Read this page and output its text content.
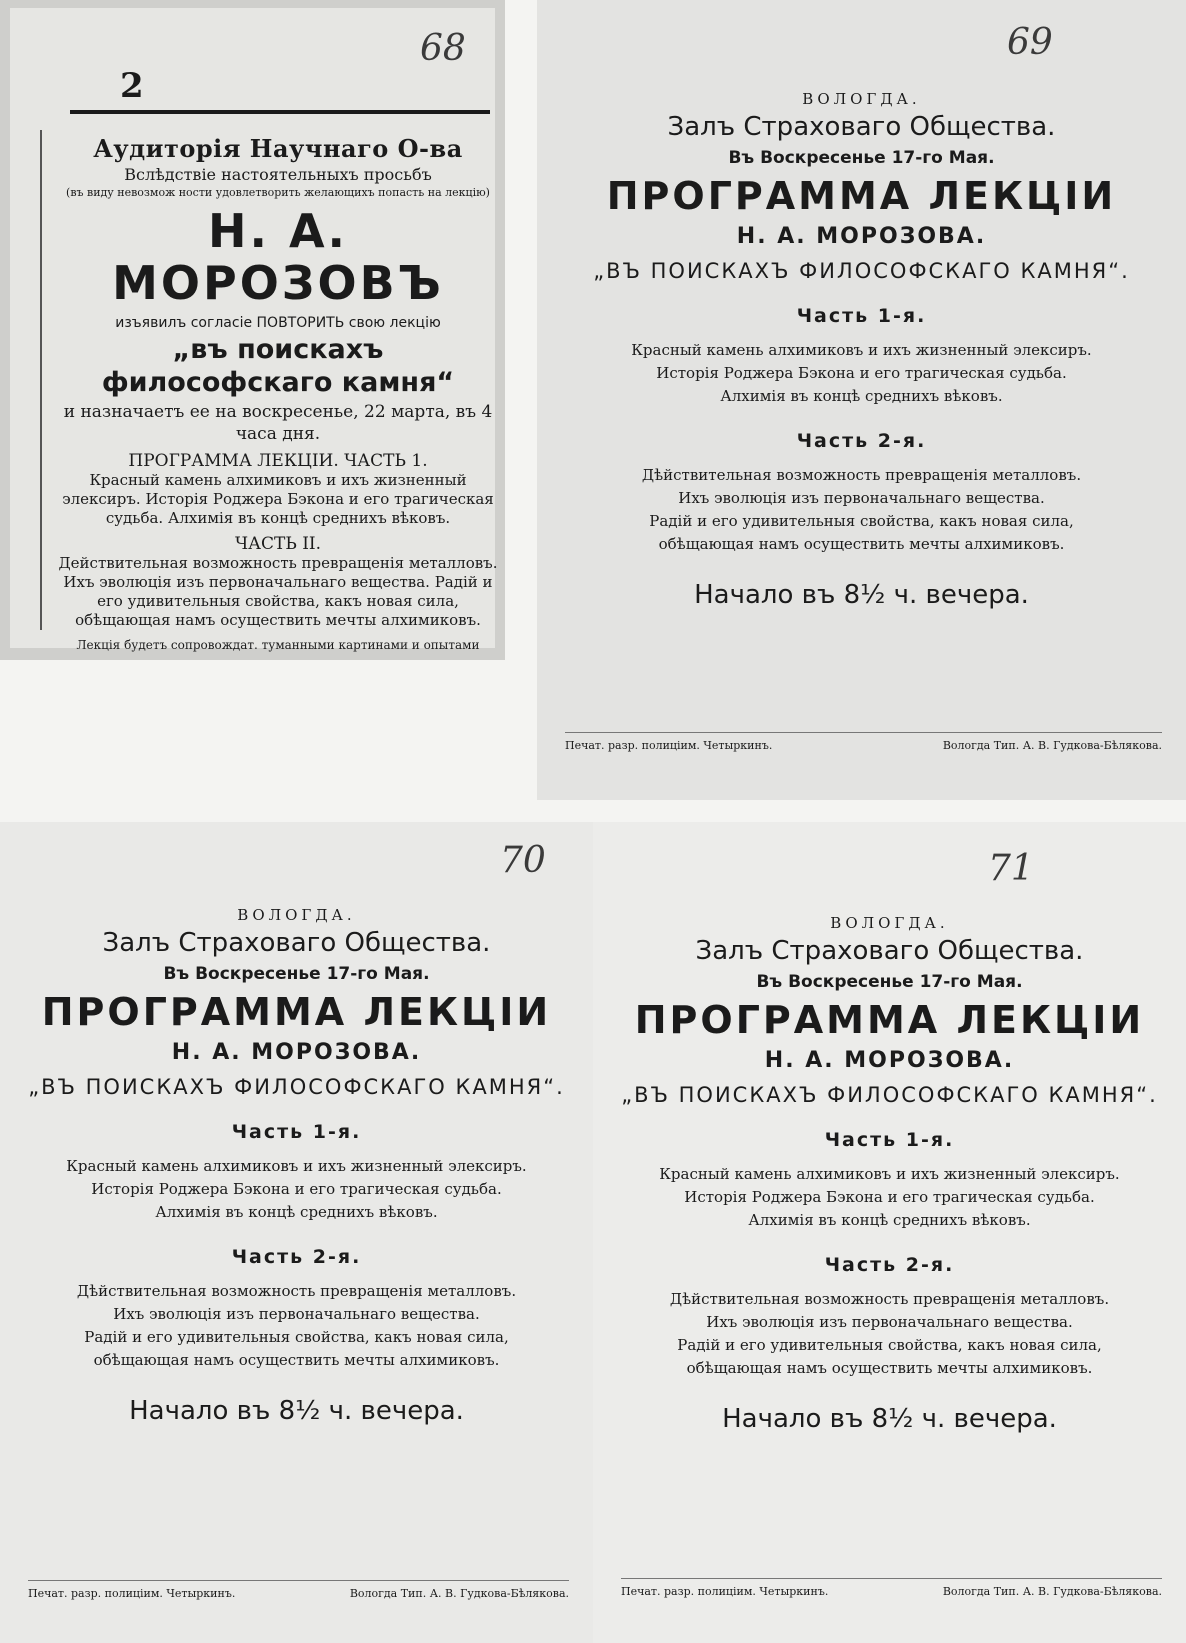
68
2
Аудиторія Научнаго О-ва
Вслѣдствіе настоятельныхъ просьбъ
(въ виду невозмож ности удовлетворить желающихъ попасть на лекцію)
Н. А. МОРОЗОВЪ
изъявилъ согласіе ПОВТОРИТЬ свою лекцію
„въ поискахъ философскаго камня“
и назначаетъ ее на воскресенье, 22 марта, въ 4 часа дня.
ПРОГРАММА ЛЕКЦІИ. ЧАСТЬ 1.
Красный камень алхимиковъ и ихъ жизненный элексиръ. Исторія Роджера Бэкона и его трагическая судьба. Алхимія въ концѣ среднихъ вѣковъ.
ЧАСТЬ II.
Действительная возможность превращенія металловъ. Ихъ эволюція изъ первоначальнаго вещества. Радій и его удивительныя свойства, какъ новая сила, обѣщающая намъ осуществить мечты алхимиковъ.
Лекція будетъ сопровождат. туманными картинами и опытами
69
ВОЛОГДА.
Залъ Страховаго Общества.
Въ Воскресенье 17-го Мая.
ПРОГРАММА ЛЕКЦІИ
Н. А. МОРОЗОВА.
„ВЪ ПОИСКАХЪ ФИЛОСОФСКАГО КАМНЯ“.
Часть 1-я.
Красный камень алхимиковъ и ихъ жизненный элексиръ.
Исторія Роджера Бэкона и его трагическая судьба.
Алхимія въ концѣ среднихъ вѣковъ.
Часть 2-я.
Дѣйствительная возможность превращенія металловъ.
Ихъ эволюція изъ первоначальнаго вещества.
Радій и его удивительныя свойства, какъ новая сила,
обѣщающая намъ осуществить мечты алхимиковъ.
Начало въ 8½ ч. вечера.
Печат. разр. полиціим. Четыркинъ.	Вологда Тип. А. В. Гудкова-Бѣлякова.
70
ВОЛОГДА.
Залъ Страховаго Общества.
Въ Воскресенье 17-го Мая.
ПРОГРАММА ЛЕКЦІИ
Н. А. МОРОЗОВА.
„ВЪ ПОИСКАХЪ ФИЛОСОФСКАГО КАМНЯ“.
Часть 1-я.
Красный камень алхимиковъ и ихъ жизненный элексиръ.
Исторія Роджера Бэкона и его трагическая судьба.
Алхимія въ концѣ среднихъ вѣковъ.
Часть 2-я.
Дѣйствительная возможность превращенія металловъ.
Ихъ эволюція изъ первоначальнаго вещества.
Радій и его удивительныя свойства, какъ новая сила,
обѣщающая намъ осуществить мечты алхимиковъ.
Начало въ 8½ ч. вечера.
Печат. разр. полиціим. Четыркинъ.	Вологда Тип. А. В. Гудкова-Бѣлякова.
71
ВОЛОГДА.
Залъ Страховаго Общества.
Въ Воскресенье 17-го Мая.
ПРОГРАММА ЛЕКЦІИ
Н. А. МОРОЗОВА.
„ВЪ ПОИСКАХЪ ФИЛОСОФСКАГО КАМНЯ“.
Часть 1-я.
Красный камень алхимиковъ и ихъ жизненный элексиръ.
Исторія Роджера Бэкона и его трагическая судьба.
Алхимія въ концѣ среднихъ вѣковъ.
Часть 2-я.
Дѣйствительная возможность превращенія металловъ.
Ихъ эволюція изъ первоначальнаго вещества.
Радій и его удивительныя свойства, какъ новая сила,
обѣщающая намъ осуществить мечты алхимиковъ.
Начало въ 8½ ч. вечера.
Печат. разр. полиціим. Четыркинъ.	Вологда Тип. А. В. Гудкова-Бѣлякова.
